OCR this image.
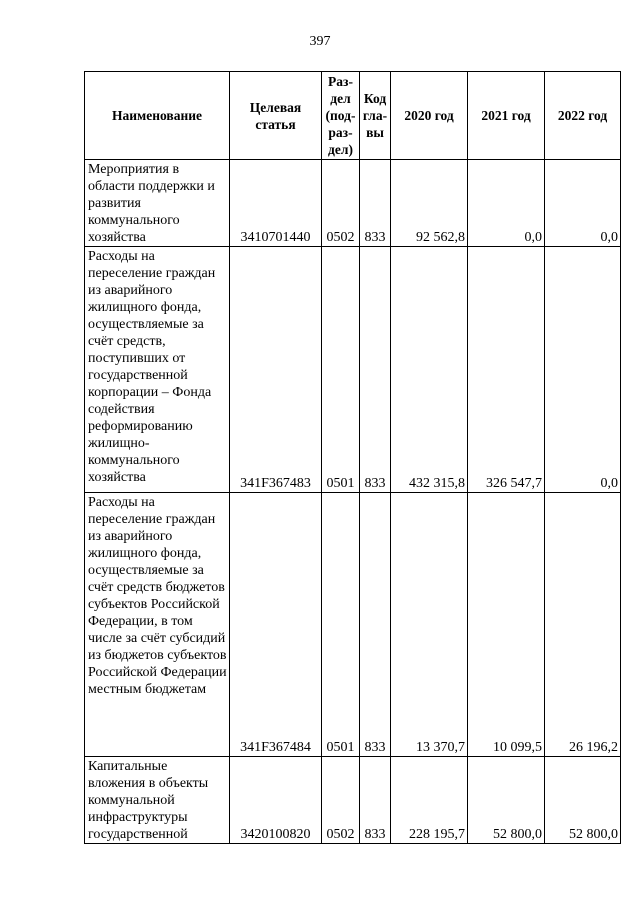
397
Наименование	Целевая статья	Раз-дел (под-раз-дел)	Код гла-вы	2020 год	2021 год	2022 год
Мероприятия в области поддержки и развития коммунального хозяйства	3410701440	0502	833	92 562,8	0,0	0,0
Расходы на переселение граждан из аварийного жилищного фонда, осуществляемые за счёт средств, поступивших от государственной корпорации – Фонда содействия реформированию жилищно-коммунального хозяйства	341F367483	0501	833	432 315,8	326 547,7	0,0
Расходы на переселение граждан из аварийного жилищного фонда, осуществляемые за счёт средств бюджетов субъектов Российской Федерации, в том числе за счёт субсидий из бюджетов субъектов Российской Федерации местным бюджетам	341F367484	0501	833	13 370,7	10 099,5	26 196,2
Капитальные вложения в объекты коммунальной инфраструктуры государственной	3420100820	0502	833	228 195,7	52 800,0	52 800,0
